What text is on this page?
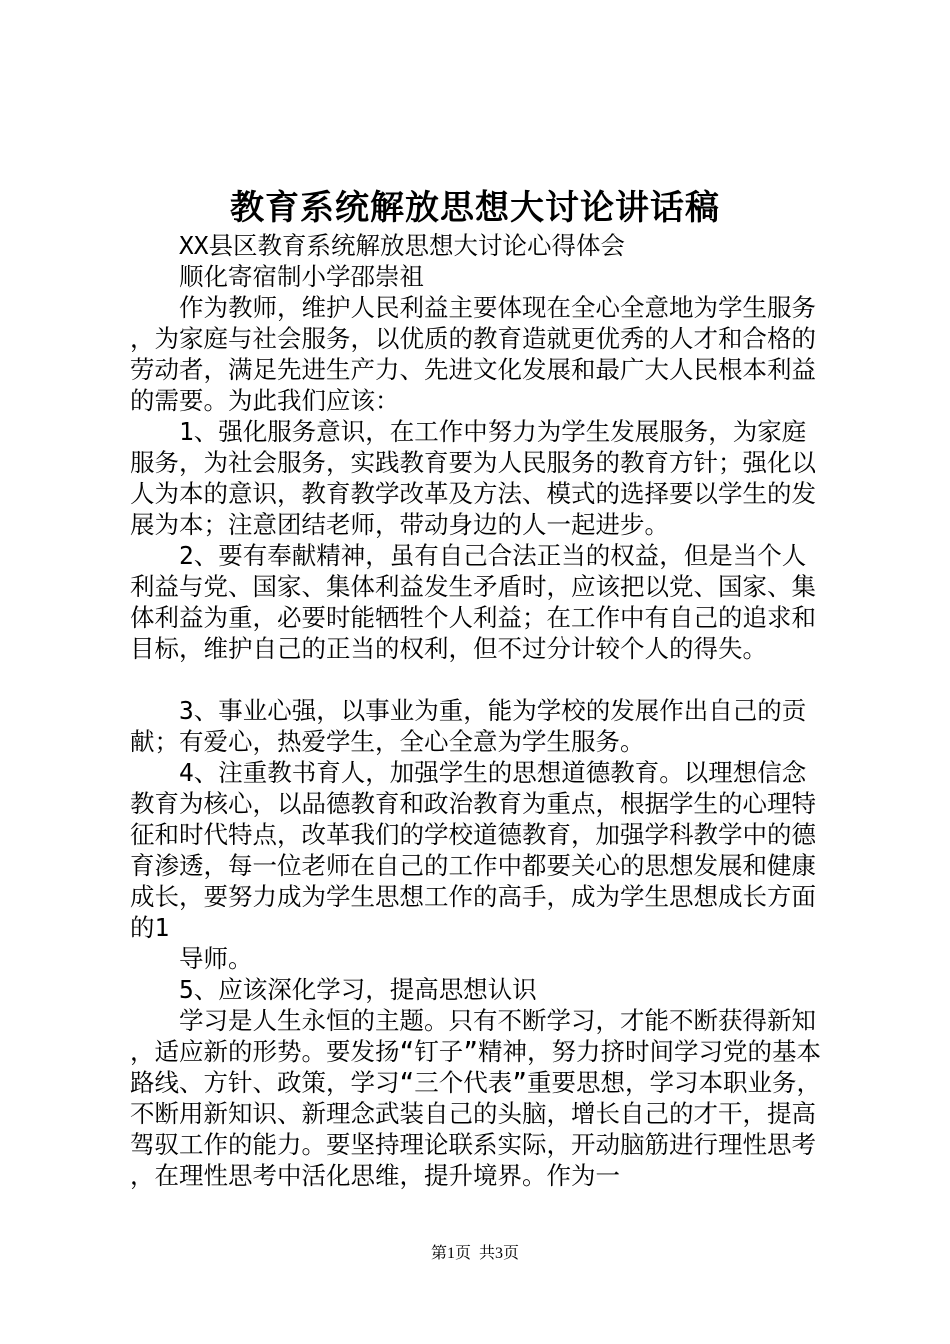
教育系统解放思想大讨论讲话稿

XX县区教育系统解放思想大讨论心得体会

顺化寄宿制小学邵崇祖

作为教师，维护人民利益主要体现在全心全意地为学生服务，为家庭与社会服务，以优质的教育造就更优秀的人才和合格的劳动者，满足先进生产力、先进文化发展和最广大人民根本利益的需要。为此我们应该：

1、强化服务意识，在工作中努力为学生发展服务，为家庭服务，为社会服务，实践教育要为人民服务的教育方针；强化以人为本的意识，教育教学改革及方法、模式的选择要以学生的发展为本；注意团结老师，带动身边的人一起进步。

2、要有奉献精神，虽有自己合法正当的权益，但是当个人利益与党、国家、集体利益发生矛盾时，应该把以党、国家、集体利益为重，必要时能牺牲个人利益；在工作中有自己的追求和目标，维护自己的正当的权利，但不过分计较个人的得失。

3、事业心强，以事业为重，能为学校的发展作出自己的贡献；有爱心，热爱学生，全心全意为学生服务。

4、注重教书育人，加强学生的思想道德教育。以理想信念教育为核心，以品德教育和政治教育为重点，根据学生的心理特征和时代特点，改革我们的学校道德教育，加强学科教学中的德育渗透，每一位老师在自己的工作中都要关心的思想发展和健康成长，要努力成为学生思想工作的高手，成为学生思想成长方面的1

导师。

5、应该深化学习，提高思想认识

学习是人生永恒的主题。只有不断学习，才能不断获得新知，适应新的形势。要发扬“钉子”精神，努力挤时间学习党的基本路线、方针、政策，学习“三个代表”重要思想，学习本职业务，不断用新知识、新理念武装自己的头脑，增长自己的才干，提高驾驭工作的能力。要坚持理论联系实际，开动脑筋进行理性思考，在理性思考中活化思维，提升境界。作为一

第1页 共3页
